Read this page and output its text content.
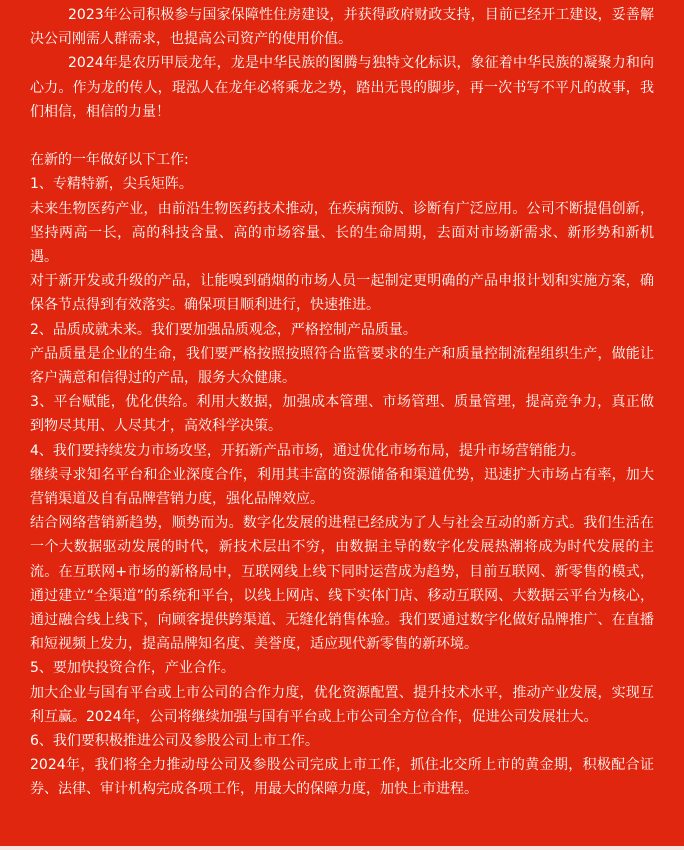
2023年公司积极参与国家保障性住房建设，并获得政府财政支持，目前已经开工建设，妥善解决公司刚需人群需求，也提高公司资产的使用价值。

2024年是农历甲辰龙年，龙是中华民族的图腾与独特文化标识，象征着中华民族的凝聚力和向心力。作为龙的传人，琨泓人在龙年必将乘龙之势，踏出无畏的脚步，再一次书写不平凡的故事，我们相信，相信的力量！

在新的一年做好以下工作:

1、专精特新，尖兵矩阵。

未来生物医药产业，由前沿生物医药技术推动，在疾病预防、诊断有广泛应用。公司不断提倡创新，坚持两高一长，高的科技含量、高的市场容量、长的生命周期，去面对市场新需求、新形势和新机遇。

对于新开发或升级的产品，让能嗅到硝烟的市场人员一起制定更明确的产品申报计划和实施方案，确保各节点得到有效落实。确保项目顺利进行，快速推进。

2、品质成就未来。我们要加强品质观念，严格控制产品质量。

产品质量是企业的生命，我们要严格按照按照符合监管要求的生产和质量控制流程组织生产，做能让客户满意和信得过的产品，服务大众健康。

3、平台赋能，优化供给。利用大数据，加强成本管理、市场管理、质量管理，提高竞争力，真正做到物尽其用、人尽其才，高效科学决策。

4、我们要持续发力市场攻坚，开拓新产品市场，通过优化市场布局，提升市场营销能力。

继续寻求知名平台和企业深度合作，利用其丰富的资源储备和渠道优势，迅速扩大市场占有率，加大营销渠道及自有品牌营销力度，强化品牌效应。

结合网络营销新趋势，顺势而为。数字化发展的进程已经成为了人与社会互动的新方式。我们生活在一个大数据驱动发展的时代，新技术层出不穷，由数据主导的数字化发展热潮将成为时代发展的主流。在互联网+市场的新格局中，互联网线上线下同时运营成为趋势，目前互联网、新零售的模式，通过建立“全渠道”的系统和平台，以线上网店、线下实体门店、移动互联网、大数据云平台为核心，通过融合线上线下，向顾客提供跨渠道、无缝化销售体验。我们要通过数字化做好品牌推广、在直播和短视频上发力，提高品牌知名度、美誉度，适应现代新零售的新环境。

5、要加快投资合作，产业合作。

加大企业与国有平台或上市公司的合作力度，优化资源配置、提升技术水平，推动产业发展，实现互利互赢。2024年，公司将继续加强与国有平台或上市公司全方位合作，促进公司发展壮大。

6、我们要积极推进公司及参股公司上市工作。

2024年，我们将全力推动母公司及参股公司完成上市工作，抓住北交所上市的黄金期，积极配合证券、法律、审计机构完成各项工作，用最大的保障力度，加快上市进程。
